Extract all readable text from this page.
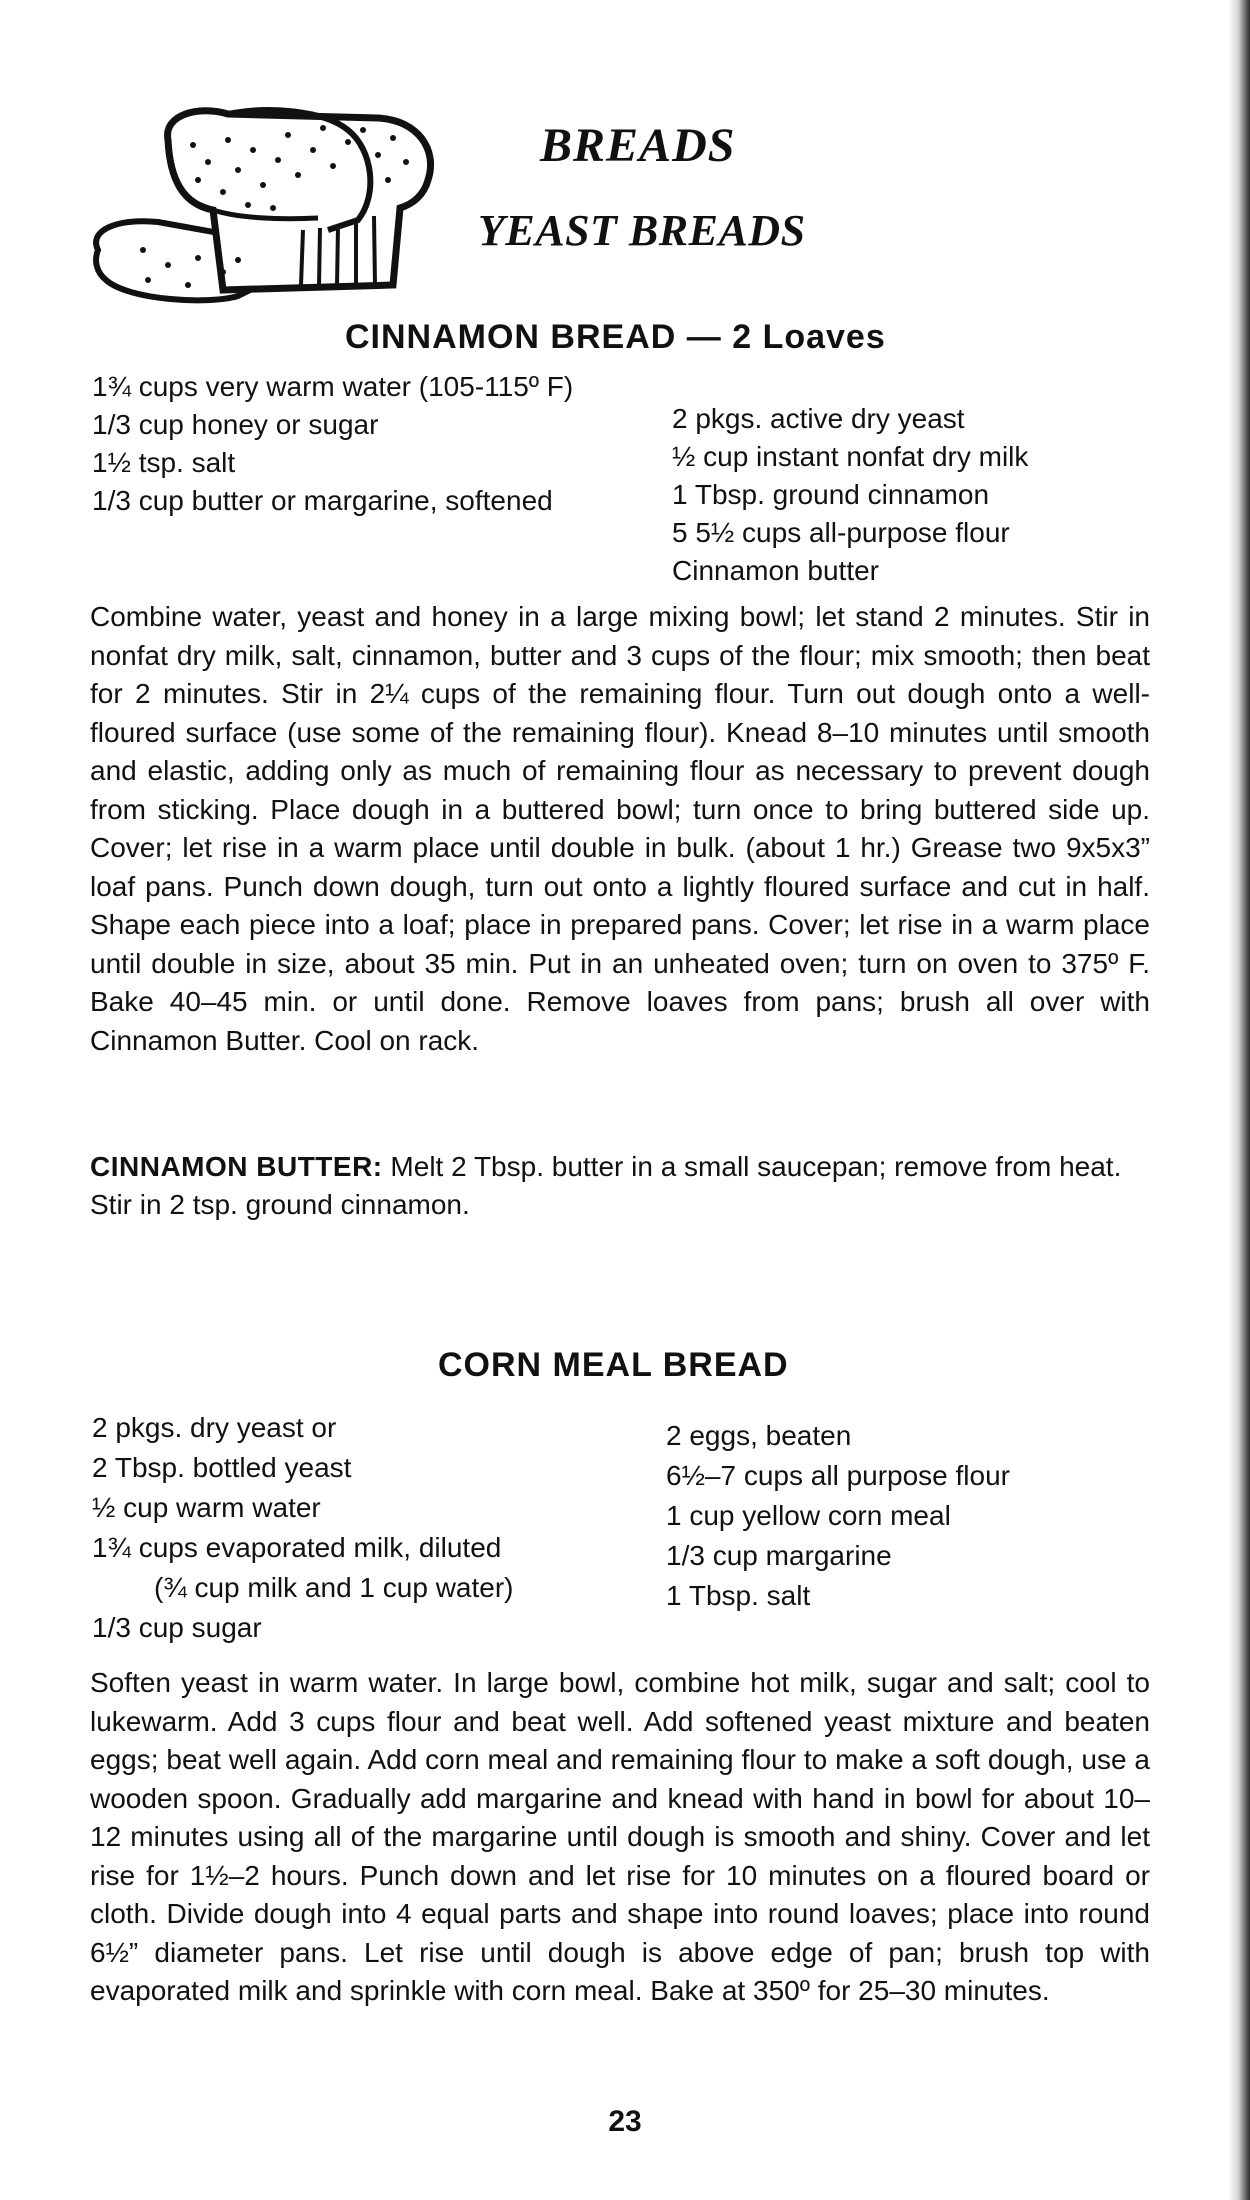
BREADS
YEAST BREADS
CINNAMON BREAD — 2 Loaves
1¾ cups very warm water (105-115º F)
1/3 cup honey or sugar
1½ tsp. salt
1/3 cup butter or margarine, softened
2 pkgs. active dry yeast
½ cup instant nonfat dry milk
1 Tbsp. ground cinnamon
5 5½ cups all-purpose flour
Cinnamon butter
Combine water, yeast and honey in a large mixing bowl; let stand 2 minutes. Stir in nonfat dry milk, salt, cinnamon, butter and 3 cups of the flour; mix smooth; then beat for 2 minutes. Stir in 2¼ cups of the remaining flour. Turn out dough onto a well-floured surface (use some of the remaining flour). Knead 8–10 minutes until smooth and elastic, adding only as much of remaining flour as necessary to prevent dough from sticking. Place dough in a buttered bowl; turn once to bring buttered side up. Cover; let rise in a warm place until double in bulk. (about 1 hr.) Grease two 9x5x3” loaf pans. Punch down dough, turn out onto a lightly floured surface and cut in half. Shape each piece into a loaf; place in prepared pans. Cover; let rise in a warm place until double in size, about 35 min. Put in an unheated oven; turn on oven to 375º F. Bake 40–45 min. or until done. Remove loaves from pans; brush all over with Cinnamon Butter. Cool on rack.
CINNAMON BUTTER: Melt 2 Tbsp. butter in a small saucepan; remove from heat. Stir in 2 tsp. ground cinnamon.
CORN MEAL BREAD
2 pkgs. dry yeast or
2 Tbsp. bottled yeast
½ cup warm water
1¾ cups evaporated milk, diluted
(¾ cup milk and 1 cup water)
1/3 cup sugar
2 eggs, beaten
6½–7 cups all purpose flour
1 cup yellow corn meal
1/3 cup margarine
1 Tbsp. salt
Soften yeast in warm water. In large bowl, combine hot milk, sugar and salt; cool to lukewarm. Add 3 cups flour and beat well. Add softened yeast mixture and beaten eggs; beat well again. Add corn meal and remaining flour to make a soft dough, use a wooden spoon. Gradually add margarine and knead with hand in bowl for about 10–12 minutes using all of the margarine until dough is smooth and shiny. Cover and let rise for 1½–2 hours. Punch down and let rise for 10 minutes on a floured board or cloth. Divide dough into 4 equal parts and shape into round loaves; place into round 6½” diameter pans. Let rise until dough is above edge of pan; brush top with evaporated milk and sprinkle with corn meal. Bake at 350º for 25–30 minutes.
23
